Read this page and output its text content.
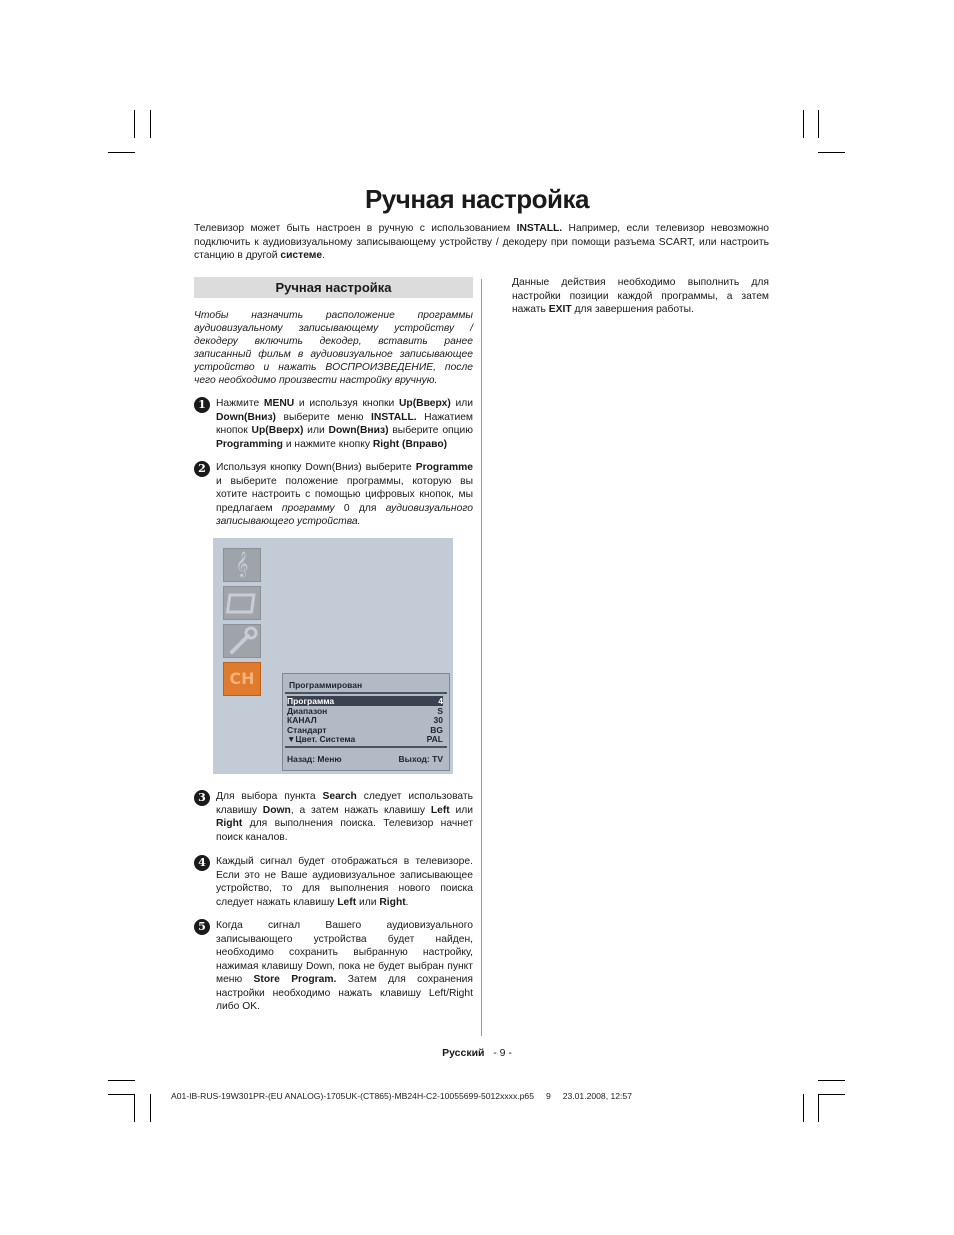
Ручная настройка
Телевизор может быть настроен в ручную с использованием INSTALL. Например, если телевизор невозможно подключить к аудиовизуальному записывающему устройству / декодеру при помощи разъема SCART, или настроить станцию в другой системе.
Ручная настройка
Чтобы назначить расположение программы аудиовизуальному записывающему устройству / декодеру включить декодер, вставить ранее записанный фильм в аудиовизуальное записывающее устройство и нажать ВОСПРОИЗВЕДЕНИЕ, после чего необходимо произвести настройку вручную.
1 Нажмите MENU и используя кнопки Up(Вверх) или Down(Вниз) выберите меню INSTALL. Нажатием кнопок Up(Вверх) или Down(Вниз) выберите опцию Programming и нажмите кнопку Right (Вправо)
2 Используя кнопку Down(Вниз) выберите Programme и выберите положение программы, которую вы хотите настроить с помощью цифровых кнопок, мы предлагаем программу 0 для аудиовизуального записывающего устройства.
𝄞
CH	Программирован
Программа	4
Диапазон	S
КАНАЛ	30
Стандарт	BG
▼Цвет. Система	PAL
Назад: Меню	Выход: TV
3 Для выбора пункта Search следует использовать клавишу Down, а затем нажать клавишу Left или Right для выполнения поиска. Телевизор начнет поиск каналов.
4 Каждый сигнал будет отображаться в телевизоре. Если это не Ваше аудиовизуальное записывающее устройство, то для выполнения нового поиска следует нажать клавишу Left или Right.
5 Когда сигнал Вашего аудиовизуального записывающего устройства будет найден, необходимо сохранить выбранную настройку, нажимая клавишу Down, пока не будет выбран пункт меню Store Program. Затем для сохранения настройки необходимо нажать клавишу Left/Right либо OK.
Данные действия необходимо выполнить для настройки позиции каждой программы, а затем нажать EXIT для завершения работы.
Русский - 9 -
A01-IB-RUS-19W301PR-(EU ANALOG)-1705UK-(CT865)-MB24H-C2-10055699-5012xxxx.p65 9 23.01.2008, 12:57
